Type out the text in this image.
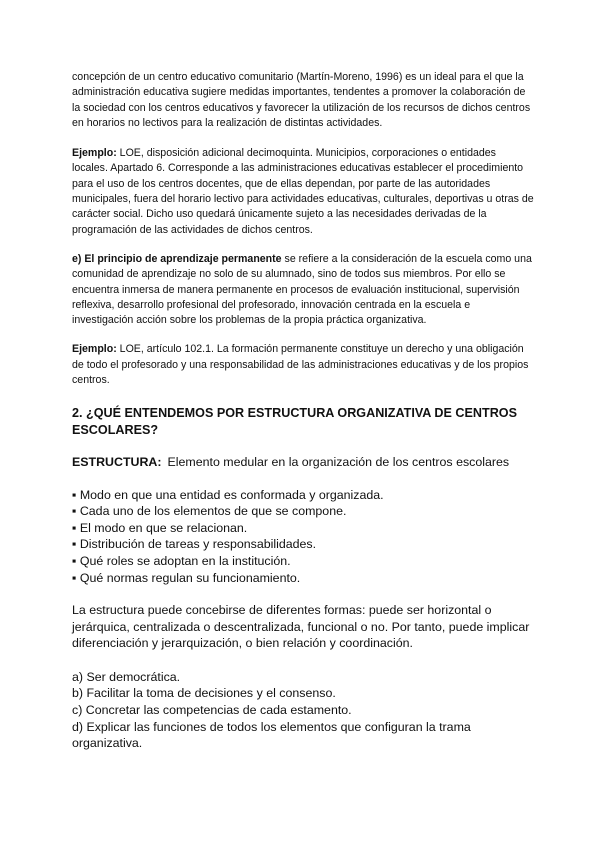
concepción de un centro educativo comunitario (Martín-Moreno, 1996) es un ideal para el que la administración educativa sugiere medidas importantes, tendentes a promover la colaboración de la sociedad con los centros educativos y favorecer la utilización de los recursos de dichos centros en horarios no lectivos para la realización de distintas actividades.

Ejemplo: LOE, disposición adicional decimoquinta. Municipios, corporaciones o entidades locales. Apartado 6. Corresponde a las administraciones educativas establecer el procedimiento para el uso de los centros docentes, que de ellas dependan, por parte de las autoridades municipales, fuera del horario lectivo para actividades educativas, culturales, deportivas u otras de carácter social. Dicho uso quedará únicamente sujeto a las necesidades derivadas de la programación de las actividades de dichos centros.

e) El principio de aprendizaje permanente se refiere a la consideración de la escuela como una comunidad de aprendizaje no solo de su alumnado, sino de todos sus miembros. Por ello se encuentra inmersa de manera permanente en procesos de evaluación institucional, supervisión reflexiva, desarrollo profesional del profesorado, innovación centrada en la escuela e investigación acción sobre los problemas de la propia práctica organizativa.

Ejemplo: LOE, artículo 102.1. La formación permanente constituye un derecho y una obligación de todo el profesorado y una responsabilidad de las administraciones educativas y de los propios centros.

2. ¿QUÉ ENTENDEMOS POR ESTRUCTURA ORGANIZATIVA DE CENTROS ESCOLARES?

ESTRUCTURA: Elemento medular en la organización de los centros escolares

▪ Modo en que una entidad es conformada y organizada.
▪ Cada uno de los elementos de que se compone.
▪ El modo en que se relacionan.
▪ Distribución de tareas y responsabilidades.
▪ Qué roles se adoptan en la institución.
▪ Qué normas regulan su funcionamiento.

La estructura puede concebirse de diferentes formas: puede ser horizontal o jerárquica, centralizada o descentralizada, funcional o no. Por tanto, puede implicar diferenciación y jerarquización, o bien relación y coordinación.

a) Ser democrática.
b) Facilitar la toma de decisiones y el consenso.
c) Concretar las competencias de cada estamento.
d) Explicar las funciones de todos los elementos que configuran la trama organizativa.
